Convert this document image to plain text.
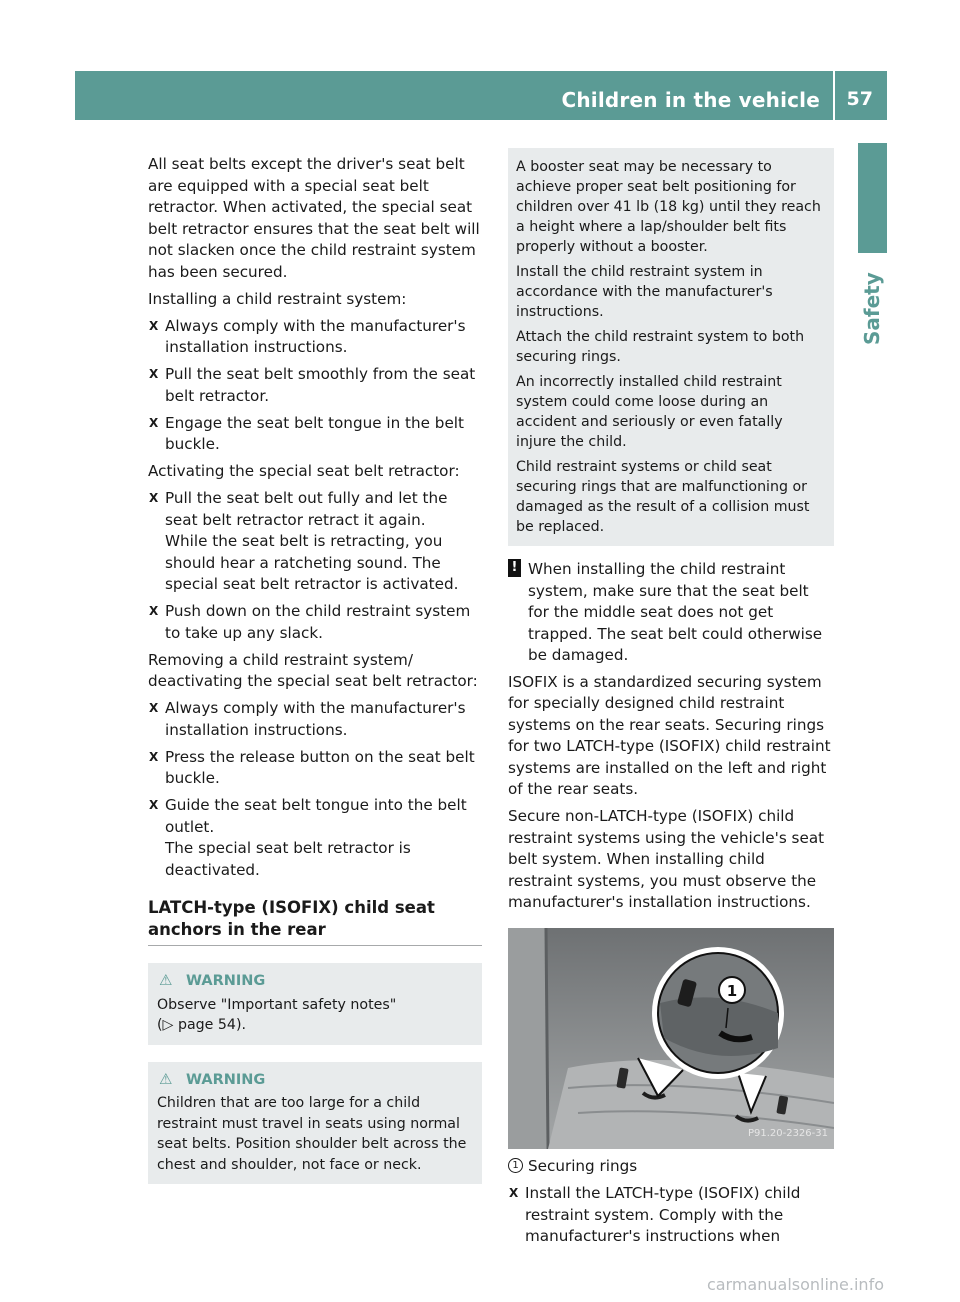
Children in the vehicle 57
Safety

All seat belts except the driver's seat belt are equipped with a special seat belt retractor. When activated, the special seat belt retractor ensures that the seat belt will not slacken once the child restraint system has been secured.

Installing a child restraint system:

X Always comply with the manufacturer's installation instructions.
X Pull the seat belt smoothly from the seat belt retractor.
X Engage the seat belt tongue in the belt buckle.

Activating the special seat belt retractor:

X Pull the seat belt out fully and let the seat belt retractor retract it again.
While the seat belt is retracting, you should hear a ratcheting sound. The special seat belt retractor is activated.
X Push down on the child restraint system to take up any slack.

Removing a child restraint system/ deactivating the special seat belt retractor:

X Always comply with the manufacturer's installation instructions.
X Press the release button on the seat belt buckle.
X Guide the seat belt tongue into the belt outlet.
The special seat belt retractor is deactivated.
LATCH-type (ISOFIX) child seat anchors in the rear
⚠ WARNING
Observe "Important safety notes"
(▷ page 54).
⚠ WARNING
Children that are too large for a child restraint must travel in seats using normal seat belts. Position shoulder belt across the chest and shoulder, not face or neck.

A booster seat may be necessary to achieve proper seat belt positioning for children over 41 lb (18 kg) until they reach a height where a lap/shoulder belt fits properly without a booster.

Install the child restraint system in accordance with the manufacturer's instructions.

Attach the child restraint system to both securing rings.

An incorrectly installed child restraint system could come loose during an accident and seriously or even fatally injure the child.

Child restraint systems or child seat securing rings that are malfunctioning or damaged as the result of a collision must be replaced.

! When installing the child restraint system, make sure that the seat belt for the middle seat does not get trapped. The seat belt could otherwise be damaged.

ISOFIX is a standardized securing system for specially designed child restraint systems on the rear seats. Securing rings for two LATCH-type (ISOFIX) child restraint systems are installed on the left and right of the rear seats.

Secure non-LATCH-type (ISOFIX) child restraint systems using the vehicle's seat belt system. When installing child restraint systems, you must observe the manufacturer's installation instructions.

1
P91.20-2326-31
1 Securing rings
X Install the LATCH-type (ISOFIX) child restraint system. Comply with the manufacturer's instructions when
carmanualsonline.info
